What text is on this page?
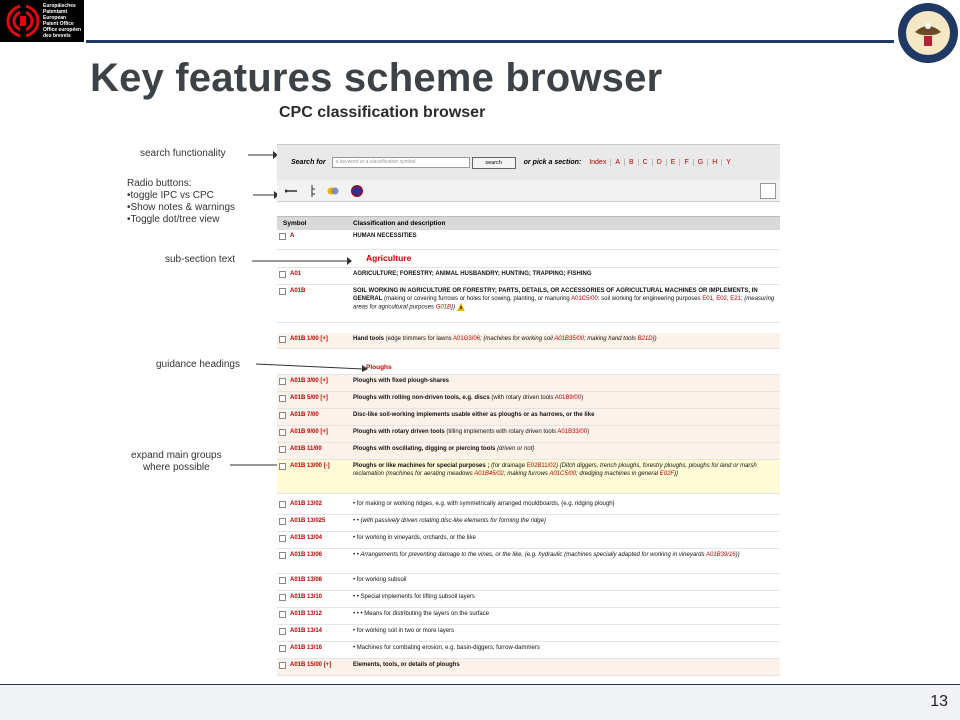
Europäisches
Patentamt
European
Patent Office
Office européen
des brevets
Key features scheme browser
search functionality
Radio buttons:
•toggle IPC vs CPC
•Show notes & warnings
•Toggle dot/tree view
sub-section text
guidance headings
expand main groups
where possible
CPC classification browser
Search for	a keyword or a classification symbol	search	or pick a section:	Index	A	B	C	D	E	F	G	H	Y
Symbol	Classification and description
A	HUMAN NECESSITIES
Agriculture
A01	AGRICULTURE; FORESTRY; ANIMAL HUSBANDRY; HUNTING; TRAPPING; FISHING
A01B	SOIL WORKING IN AGRICULTURE OR FORESTRY; PARTS, DETAILS, OR ACCESSORIES OF AGRICULTURAL MACHINES OR IMPLEMENTS, IN GENERAL (making or covering furrows or holes for sowing, planting, or manuring A01C5/00; soil working for engineering purposes E01, E02, E21; {measuring areas for agricultural purposes G01B})
A01B 1/00 [+]	Hand tools (edge trimmers for lawns A01G3/06; {machines for working soil A01B35/00; making hand tools B21D})
Ploughs
A01B 3/00 [+]	Ploughs with fixed plough-shares
A01B 5/00 [+]	Ploughs with rolling non-driven tools, e.g. discs (with rotary driven tools A01B9/00)
A01B 7/00	Disc-like soil-working implements usable either as ploughs or as harrows, or the like
A01B 9/00 [+]	Ploughs with rotary driven tools (tilling implements with rotary driven tools A01B33/00)
A01B 11/00	Ploughs with oscillating, digging or piercing tools {driven or not}
A01B 13/00 [-]	Ploughs or like machines for special purposes ; (for drainage E02B11/02) {Ditch diggers, trench ploughs, forestry ploughs, ploughs for land or marsh reclamation (machines for aerating meadows A01B45/02; making furrows A01C5/00; dredging machines in general E02F)}
A01B 13/02	• for making or working ridges, e.g. with symmetrically arranged mouldboards, {e.g. ridging plough}
A01B 13/025	• • {with passively driven rotating disc-like elements for forming the ridge}
A01B 13/04	• for working in vineyards, orchards, or the like
A01B 13/06	• • Arrangements for preventing damage to the vines, or the like, {e.g. hydraulic (machines specially adapted for working in vineyards A01B39/16)}
A01B 13/08	• for working subsoil
A01B 13/10	• • Special implements for lifting subsoil layers
A01B 13/12	• • • Means for distributing the layers on the surface
A01B 13/14	• for working soil in two or more layers
A01B 13/16	• Machines for combating erosion, e.g. basin-diggers, furrow-dammers
A01B 15/00 [+]	Elements, tools, or details of ploughs
13
